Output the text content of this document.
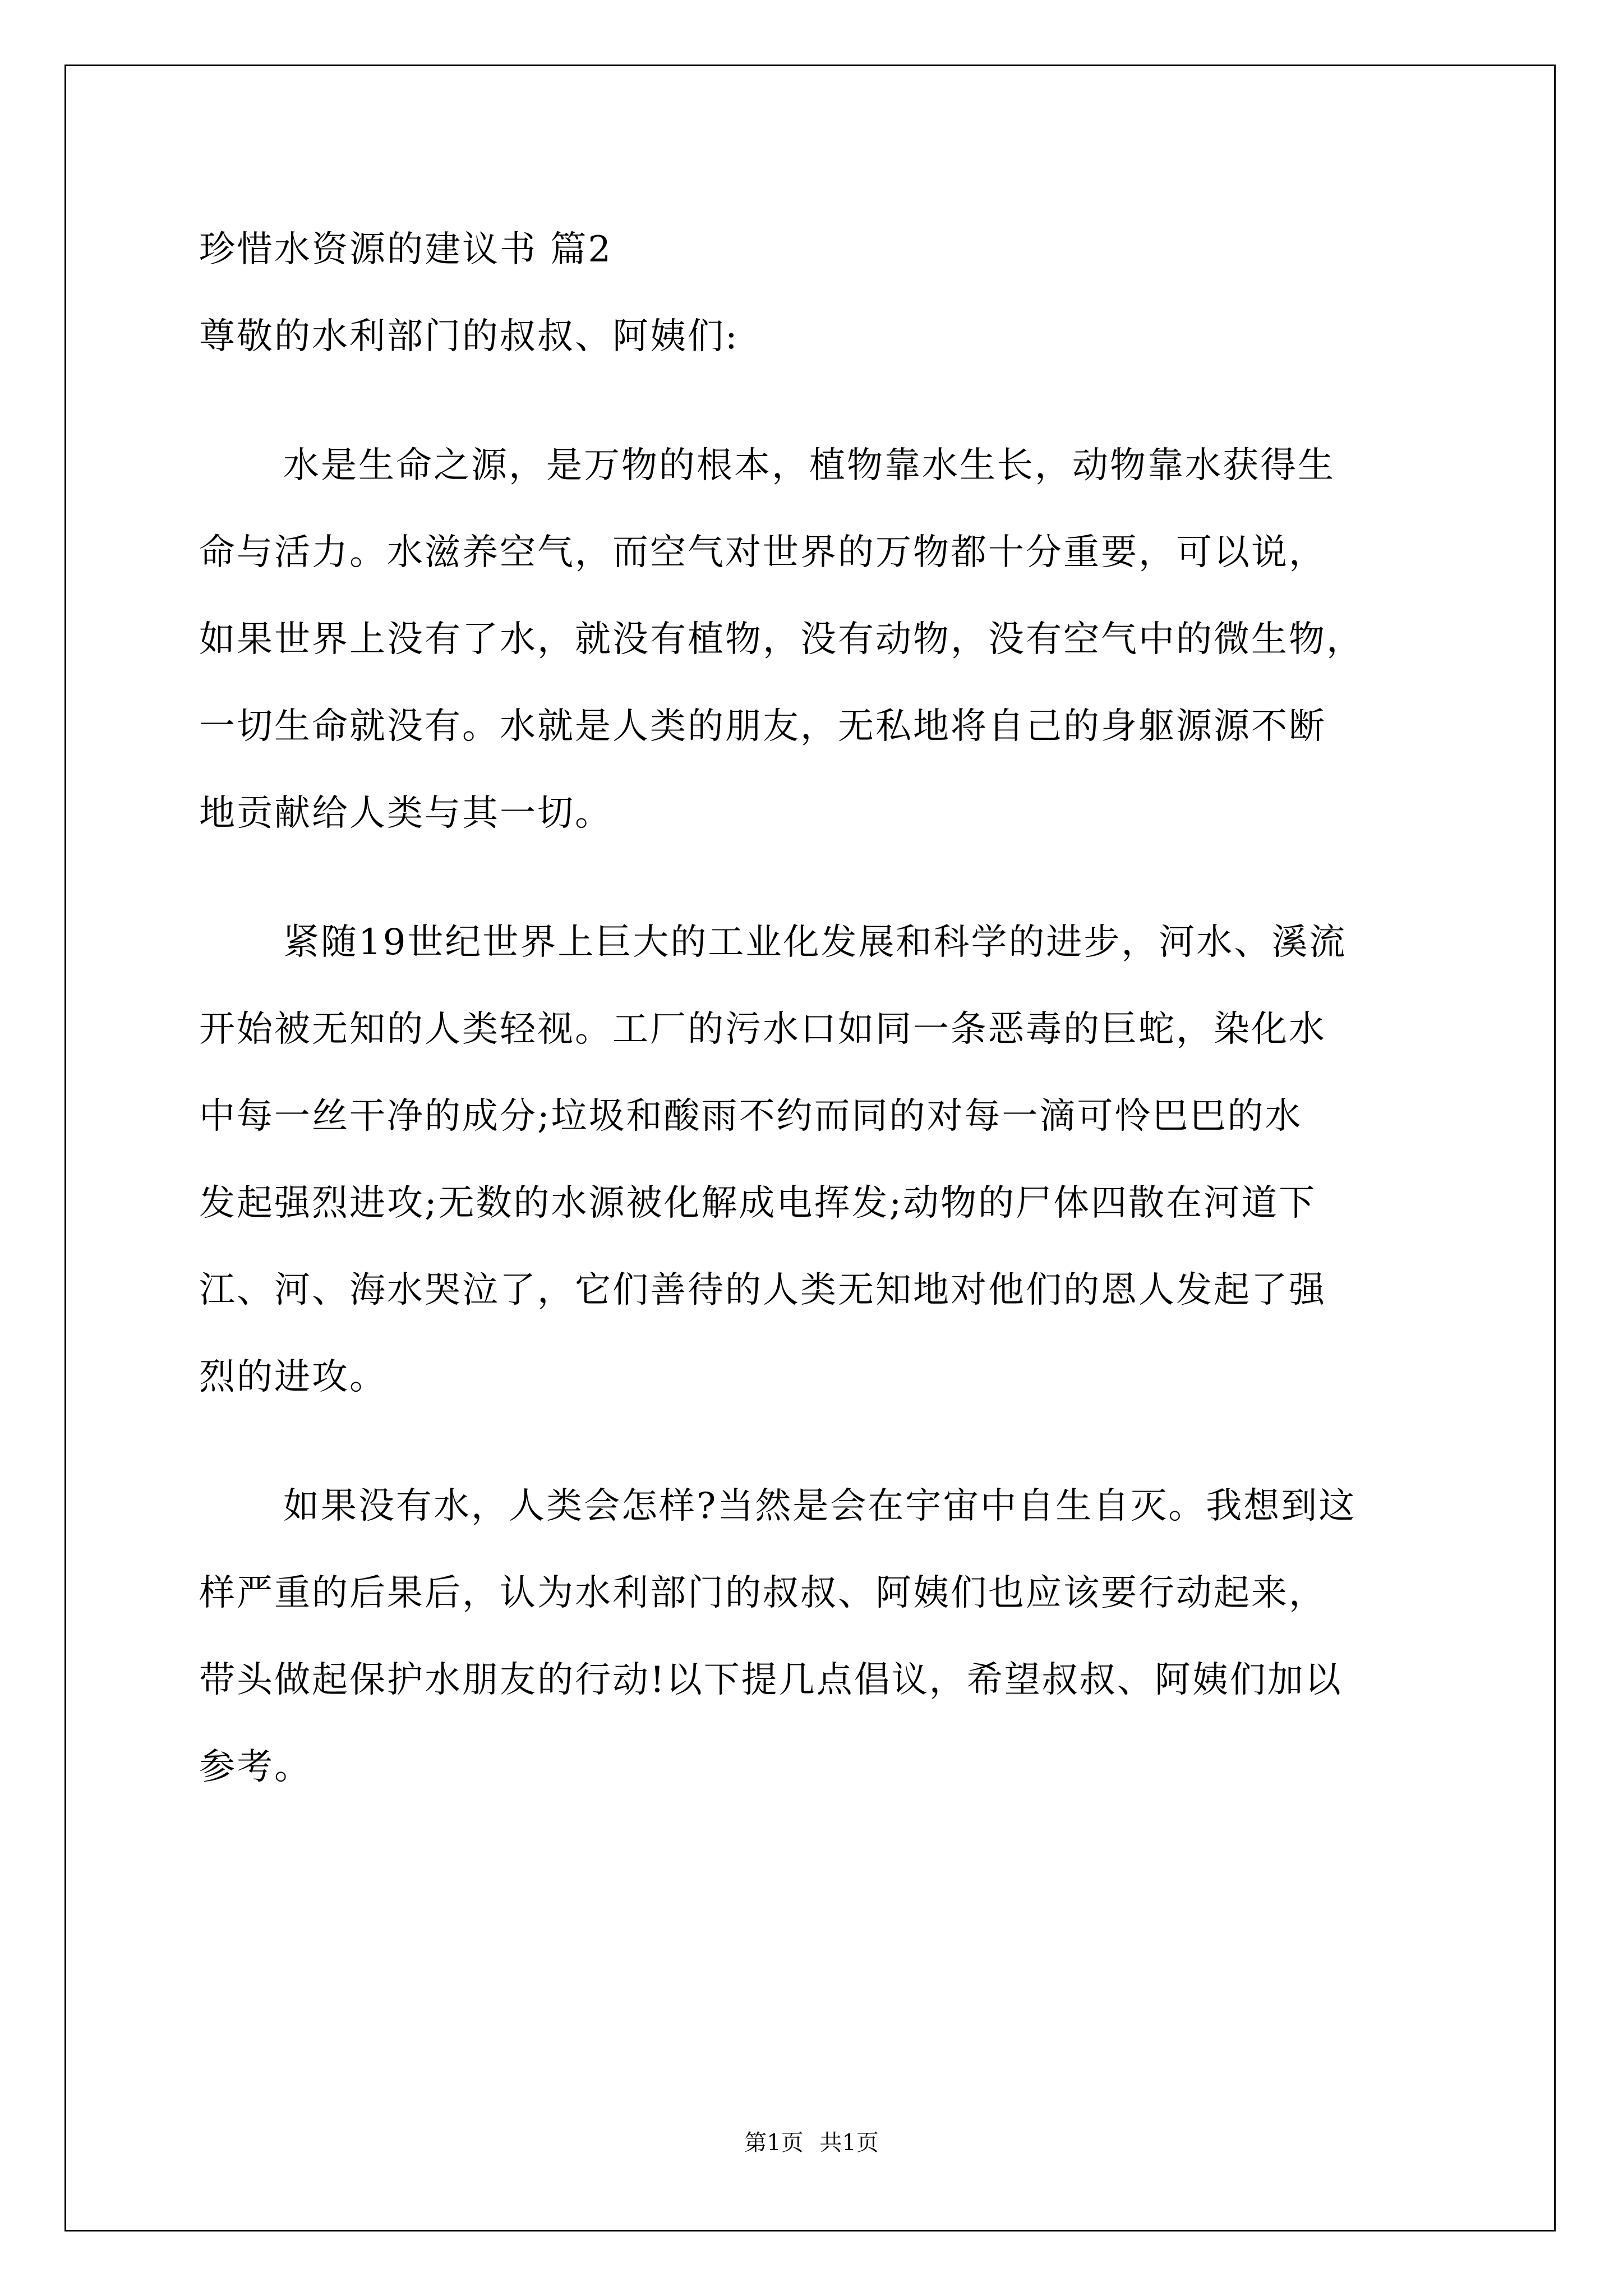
珍惜水资源的建议书 篇2
尊敬的水利部门的叔叔、阿姨们:
水是生命之源，是万物的根本，植物靠水生长，动物靠水获得生
命与活力。水滋养空气，而空气对世界的万物都十分重要，可以说，
如果世界上没有了水，就没有植物，没有动物，没有空气中的微生物，
一切生命就没有。水就是人类的朋友，无私地将自己的身躯源源不断
地贡献给人类与其一切。
紧随19世纪世界上巨大的工业化发展和科学的进步，河水、溪流
开始被无知的人类轻视。工厂的污水口如同一条恶毒的巨蛇，染化水
中每一丝干净的成分;垃圾和酸雨不约而同的对每一滴可怜巴巴的水
发起强烈进攻;无数的水源被化解成电挥发;动物的尸体四散在河道下
江、河、海水哭泣了，它们善待的人类无知地对他们的恩人发起了强
烈的进攻。
如果没有水，人类会怎样?当然是会在宇宙中自生自灭。我想到这
样严重的后果后，认为水利部门的叔叔、阿姨们也应该要行动起来，
带头做起保护水朋友的行动!以下提几点倡议，希望叔叔、阿姨们加以
参考。
第1页 共1页
